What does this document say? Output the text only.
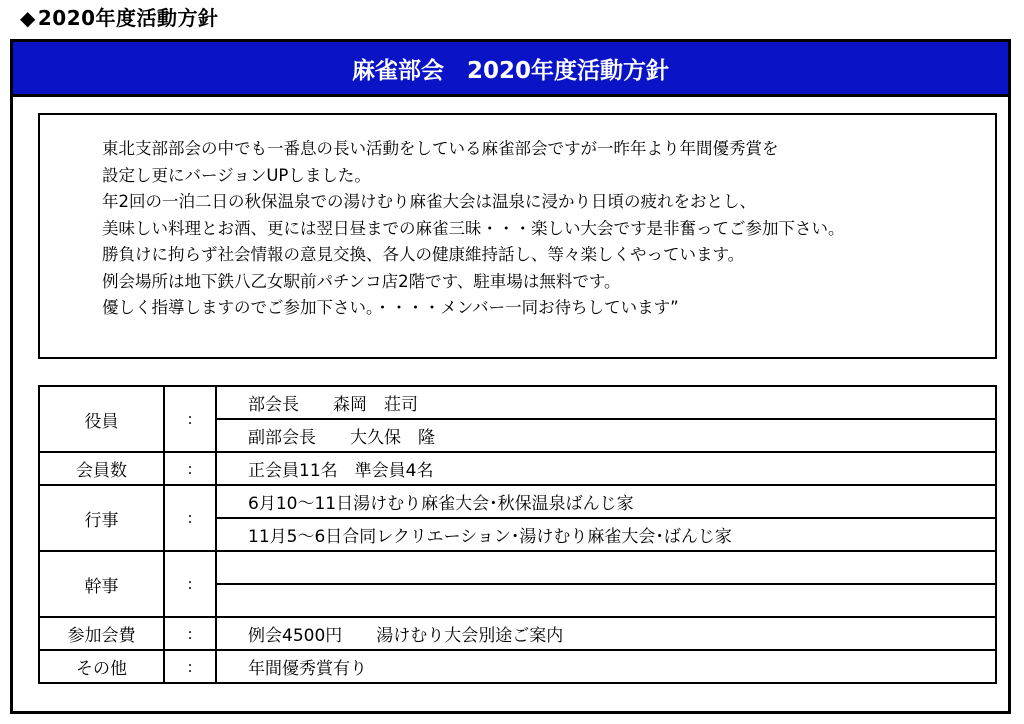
◆ 2020年度活動方針
麻雀部会　2020年度活動方針
東北支部部会の中でも一番息の長い活動をしている麻雀部会ですが一昨年より年間優秀賞を
設定し更にバージョンUPしました。
年2回の一泊二日の秋保温泉での湯けむり麻雀大会は温泉に浸かり日頃の疲れをおとし、
美味しい料理とお酒、更には翌日昼までの麻雀三昧・・・楽しい大会です是非奮ってご参加下さい。
勝負けに拘らず社会情報の意見交換、各人の健康維持話し、等々楽しくやっています。
例会場所は地下鉄八乙女駅前パチンコ店2階です、駐車場は無料です。
優しく指導しますのでご参加下さい。・・・・メンバー一同お待ちしています”
役員	:	部会長　　森岡　荘司
		副部会長　　大久保　隆
会員数	:	正会員11名　準会員4名
行事	:	6月10～11日湯けむり麻雀大会･秋保温泉ばんじ家
		11月5～6日合同レクリエーション･湯けむり麻雀大会･ばんじ家
幹事	:	

参加会費	:	例会4500円　　湯けむり大会別途ご案内
その他	:	年間優秀賞有り
